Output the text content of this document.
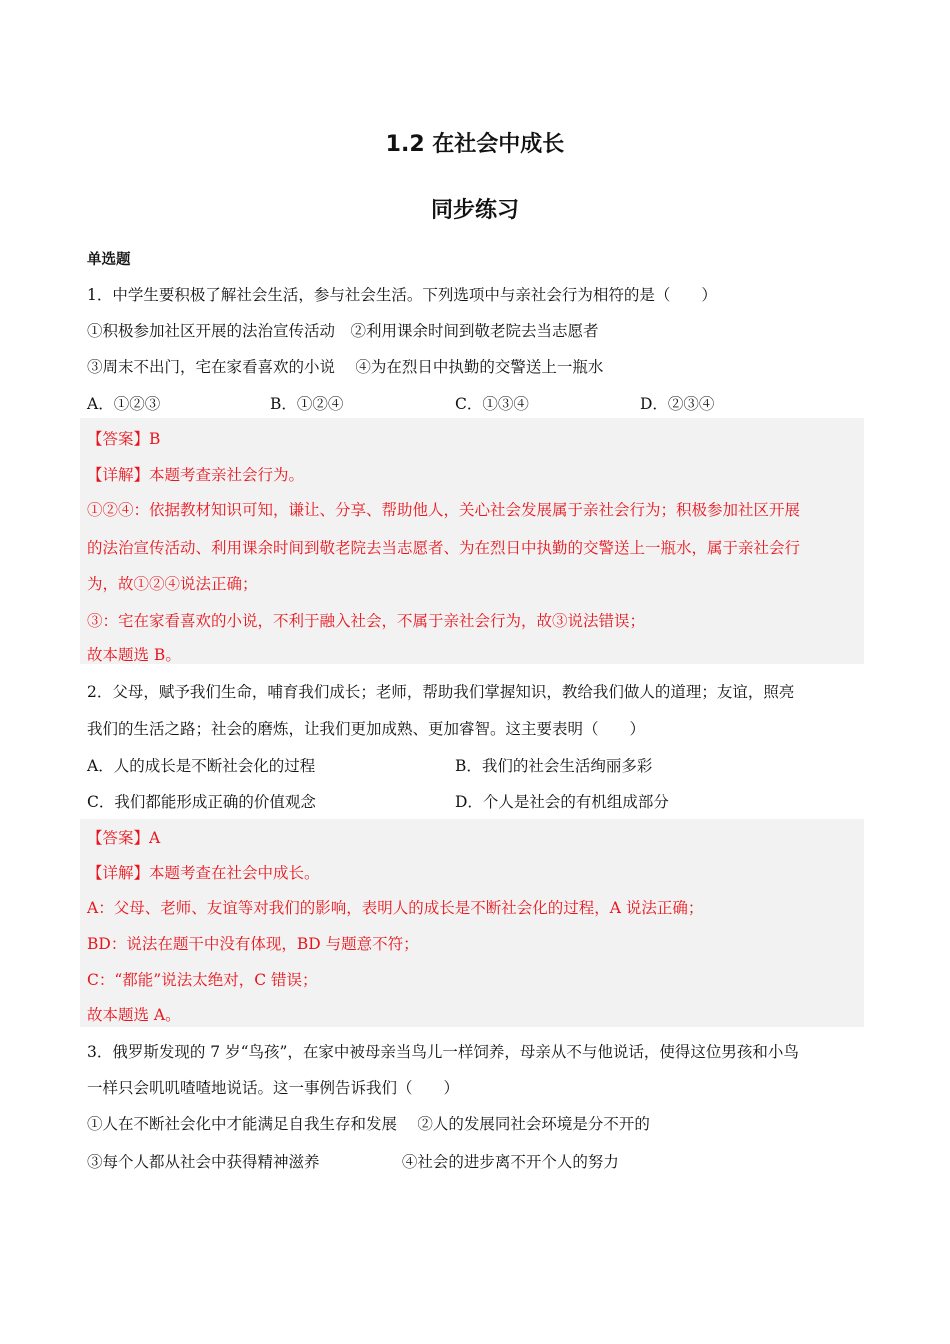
1.2 在社会中成长
同步练习
单选题
1．中学生要积极了解社会生活，参与社会生活。下列选项中与亲社会行为相符的是（　　）
①积极参加社区开展的法治宣传活动　②利用课余时间到敬老院去当志愿者
③周末不出门，宅在家看喜欢的小说　 ④为在烈日中执勤的交警送上一瓶水
A．①②③	B．①②④	C．①③④	D．②③④
【答案】B
【详解】本题考查亲社会行为。
①②④：依据教材知识可知，谦让、分享、帮助他人，关心社会发展属于亲社会行为；积极参加社区开展
的法治宣传活动、利用课余时间到敬老院去当志愿者、为在烈日中执勤的交警送上一瓶水，属于亲社会行
为，故①②④说法正确；
③：宅在家看喜欢的小说，不利于融入社会，不属于亲社会行为，故③说法错误；
故本题选 B。
2．父母，赋予我们生命，哺育我们成长；老师，帮助我们掌握知识，教给我们做人的道理；友谊，照亮
我们的生活之路；社会的磨炼，让我们更加成熟、更加睿智。这主要表明（　　）
A．人的成长是不断社会化的过程	B．我们的社会生活绚丽多彩
C．我们都能形成正确的价值观念	D．个人是社会的有机组成部分
【答案】A
【详解】本题考查在社会中成长。
A：父母、老师、友谊等对我们的影响，表明人的成长是不断社会化的过程，A 说法正确；
BD：说法在题干中没有体现，BD 与题意不符；
C：“都能”说法太绝对，C 错误；
故本题选 A。
3．俄罗斯发现的 7 岁“鸟孩”，在家中被母亲当鸟儿一样饲养，母亲从不与他说话，使得这位男孩和小鸟
一样只会叽叽喳喳地说话。这一事例告诉我们（　　）
①人在不断社会化中才能满足自我生存和发展　 ②人的发展同社会环境是分不开的
③每个人都从社会中获得精神滋养　　　　　 ④社会的进步离不开个人的努力
